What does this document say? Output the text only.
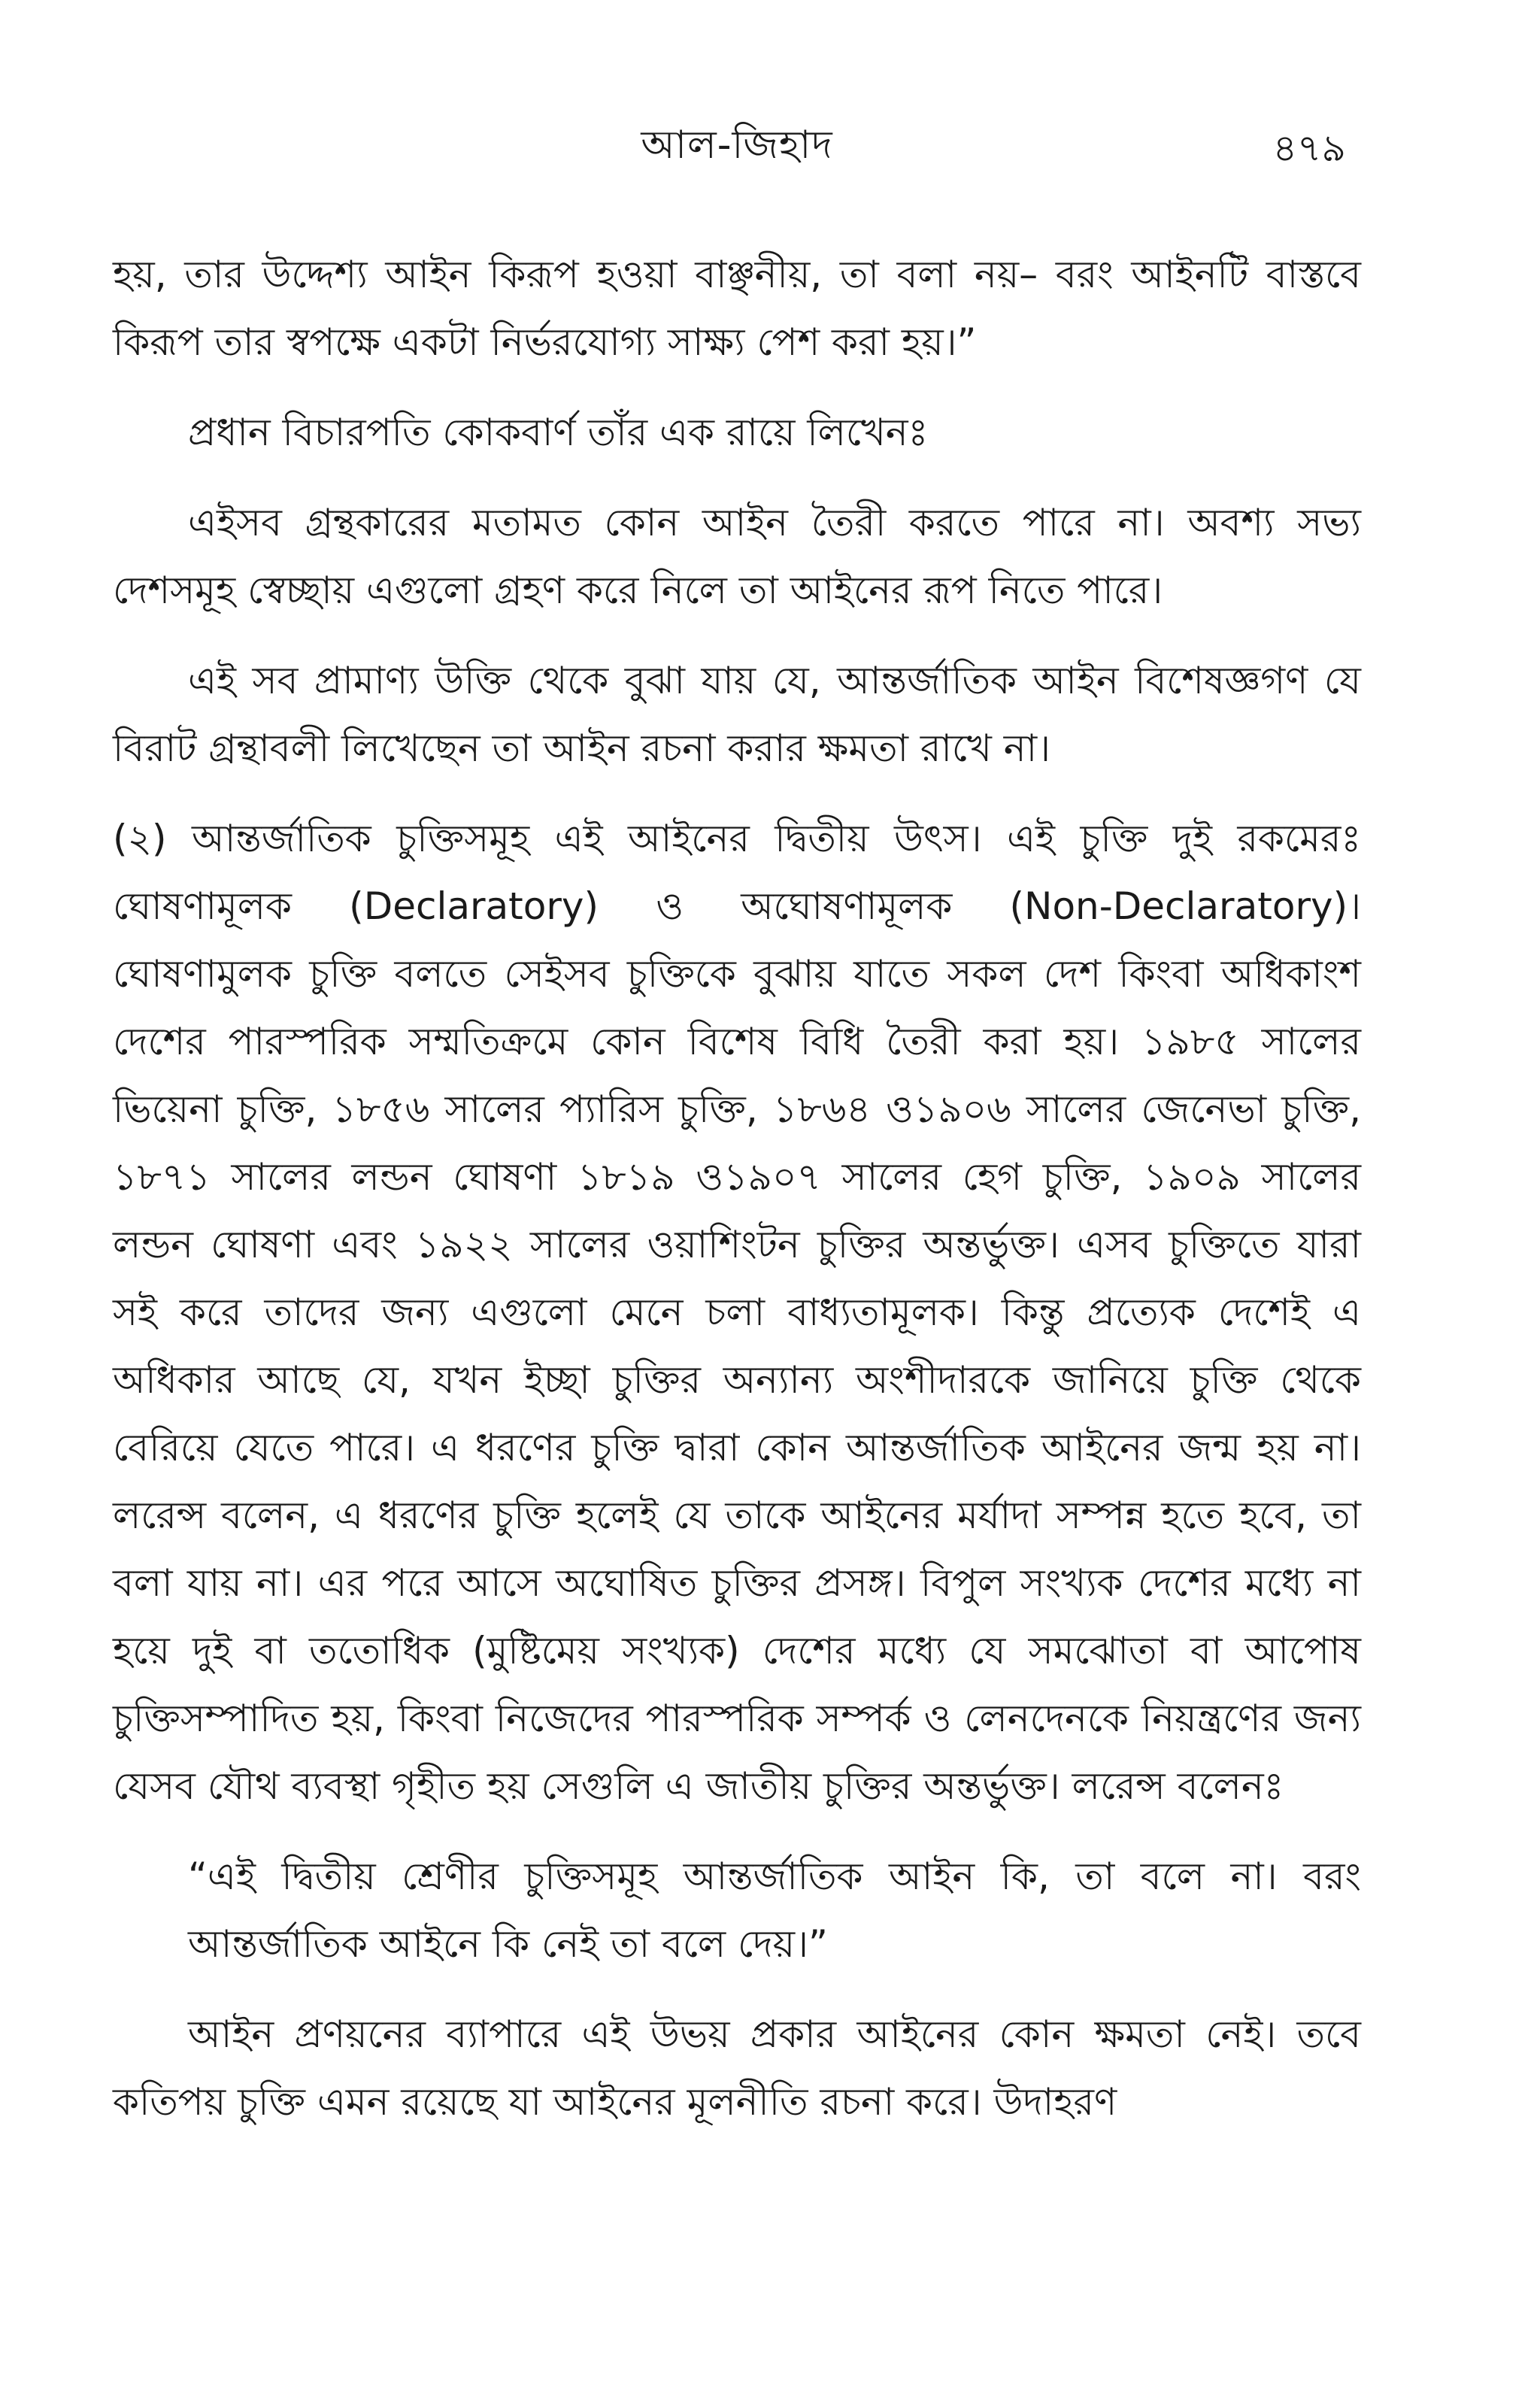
আল-জিহাদ	৪৭৯

হয়, তার উদ্দেশ্য আইন কিরূপ হওয়া বাঞ্ছনীয়, তা বলা নয়– বরং আইনটি বাস্তবে কিরূপ তার স্বপক্ষে একটা নির্ভরযোগ্য সাক্ষ্য পেশ করা হয়।”

প্রধান বিচারপতি কোকবার্ণ তাঁর এক রায়ে লিখেনঃ

এইসব গ্রন্থকারের মতামত কোন আইন তৈরী করতে পারে না। অবশ্য সভ্য দেশসমূহ স্বেচ্ছায় এগুলো গ্রহণ করে নিলে তা আইনের রূপ নিতে পারে।

এই সব প্রামাণ্য উক্তি থেকে বুঝা যায় যে, আন্তর্জাতিক আইন বিশেষজ্ঞগণ যে বিরাট গ্রন্থাবলী লিখেছেন তা আইন রচনা করার ক্ষমতা রাখে না।

(২) আন্তর্জাতিক চুক্তিসমূহ এই আইনের দ্বিতীয় উৎস। এই চুক্তি দুই রকমেরঃ ঘোষণামূলক (Declaratory) ও অঘোষণামূলক (Non-Declaratory)। ঘোষণামুলক চুক্তি বলতে সেইসব চুক্তিকে বুঝায় যাতে সকল দেশ কিংবা অধিকাংশ দেশের পারস্পরিক সম্মতিক্রমে কোন বিশেষ বিধি তৈরী করা হয়। ১৯৮৫ সালের ভিয়েনা চুক্তি, ১৮৫৬ সালের প্যারিস চুক্তি, ১৮৬৪ ও১৯০৬ সালের জেনেভা চুক্তি, ১৮৭১ সালের লন্ডন ঘোষণা ১৮১৯ ও১৯০৭ সালের হেগ চুক্তি, ১৯০৯ সালের লন্ডন ঘোষণা এবং ১৯২২ সালের ওয়াশিংটন চুক্তির অন্তর্ভুক্ত। এসব চুক্তিতে যারা সই করে তাদের জন্য এগুলো মেনে চলা বাধ্যতামূলক। কিন্তু প্রত্যেক দেশেই এ অধিকার আছে যে, যখন ইচ্ছা চুক্তির অন্যান্য অংশীদারকে জানিয়ে চুক্তি থেকে বেরিয়ে যেতে পারে। এ ধরণের চুক্তি দ্বারা কোন আন্তর্জাতিক আইনের জন্ম হয় না। লরেন্স বলেন, এ ধরণের চুক্তি হলেই যে তাকে আইনের মর্যাদা সম্পন্ন হতে হবে, তা বলা যায় না। এর পরে আসে অঘোষিত চুক্তির প্রসঙ্গ। বিপুল সংখ্যক দেশের মধ্যে না হয়ে দুই বা ততোধিক (মুষ্টিমেয় সংখ্যক) দেশের মধ্যে যে সমঝোতা বা আপোষ চুক্তিসম্পাদিত হয়, কিংবা নিজেদের পারস্পরিক সম্পর্ক ও লেনদেনকে নিয়ন্ত্রণের জন্য যেসব যৌথ ব্যবস্থা গৃহীত হয় সেগুলি এ জাতীয় চুক্তির অন্তর্ভুক্ত। লরেন্স বলেনঃ

“এই দ্বিতীয় শ্রেণীর চুক্তিসমূহ আন্তর্জাতিক আইন কি, তা বলে না। বরং আন্তর্জাতিক আইনে কি নেই তা বলে দেয়।”

আইন প্রণয়নের ব্যাপারে এই উভয় প্রকার আইনের কোন ক্ষমতা নেই। তবে কতিপয় চুক্তি এমন রয়েছে যা আইনের মূলনীতি রচনা করে। উদাহরণ
